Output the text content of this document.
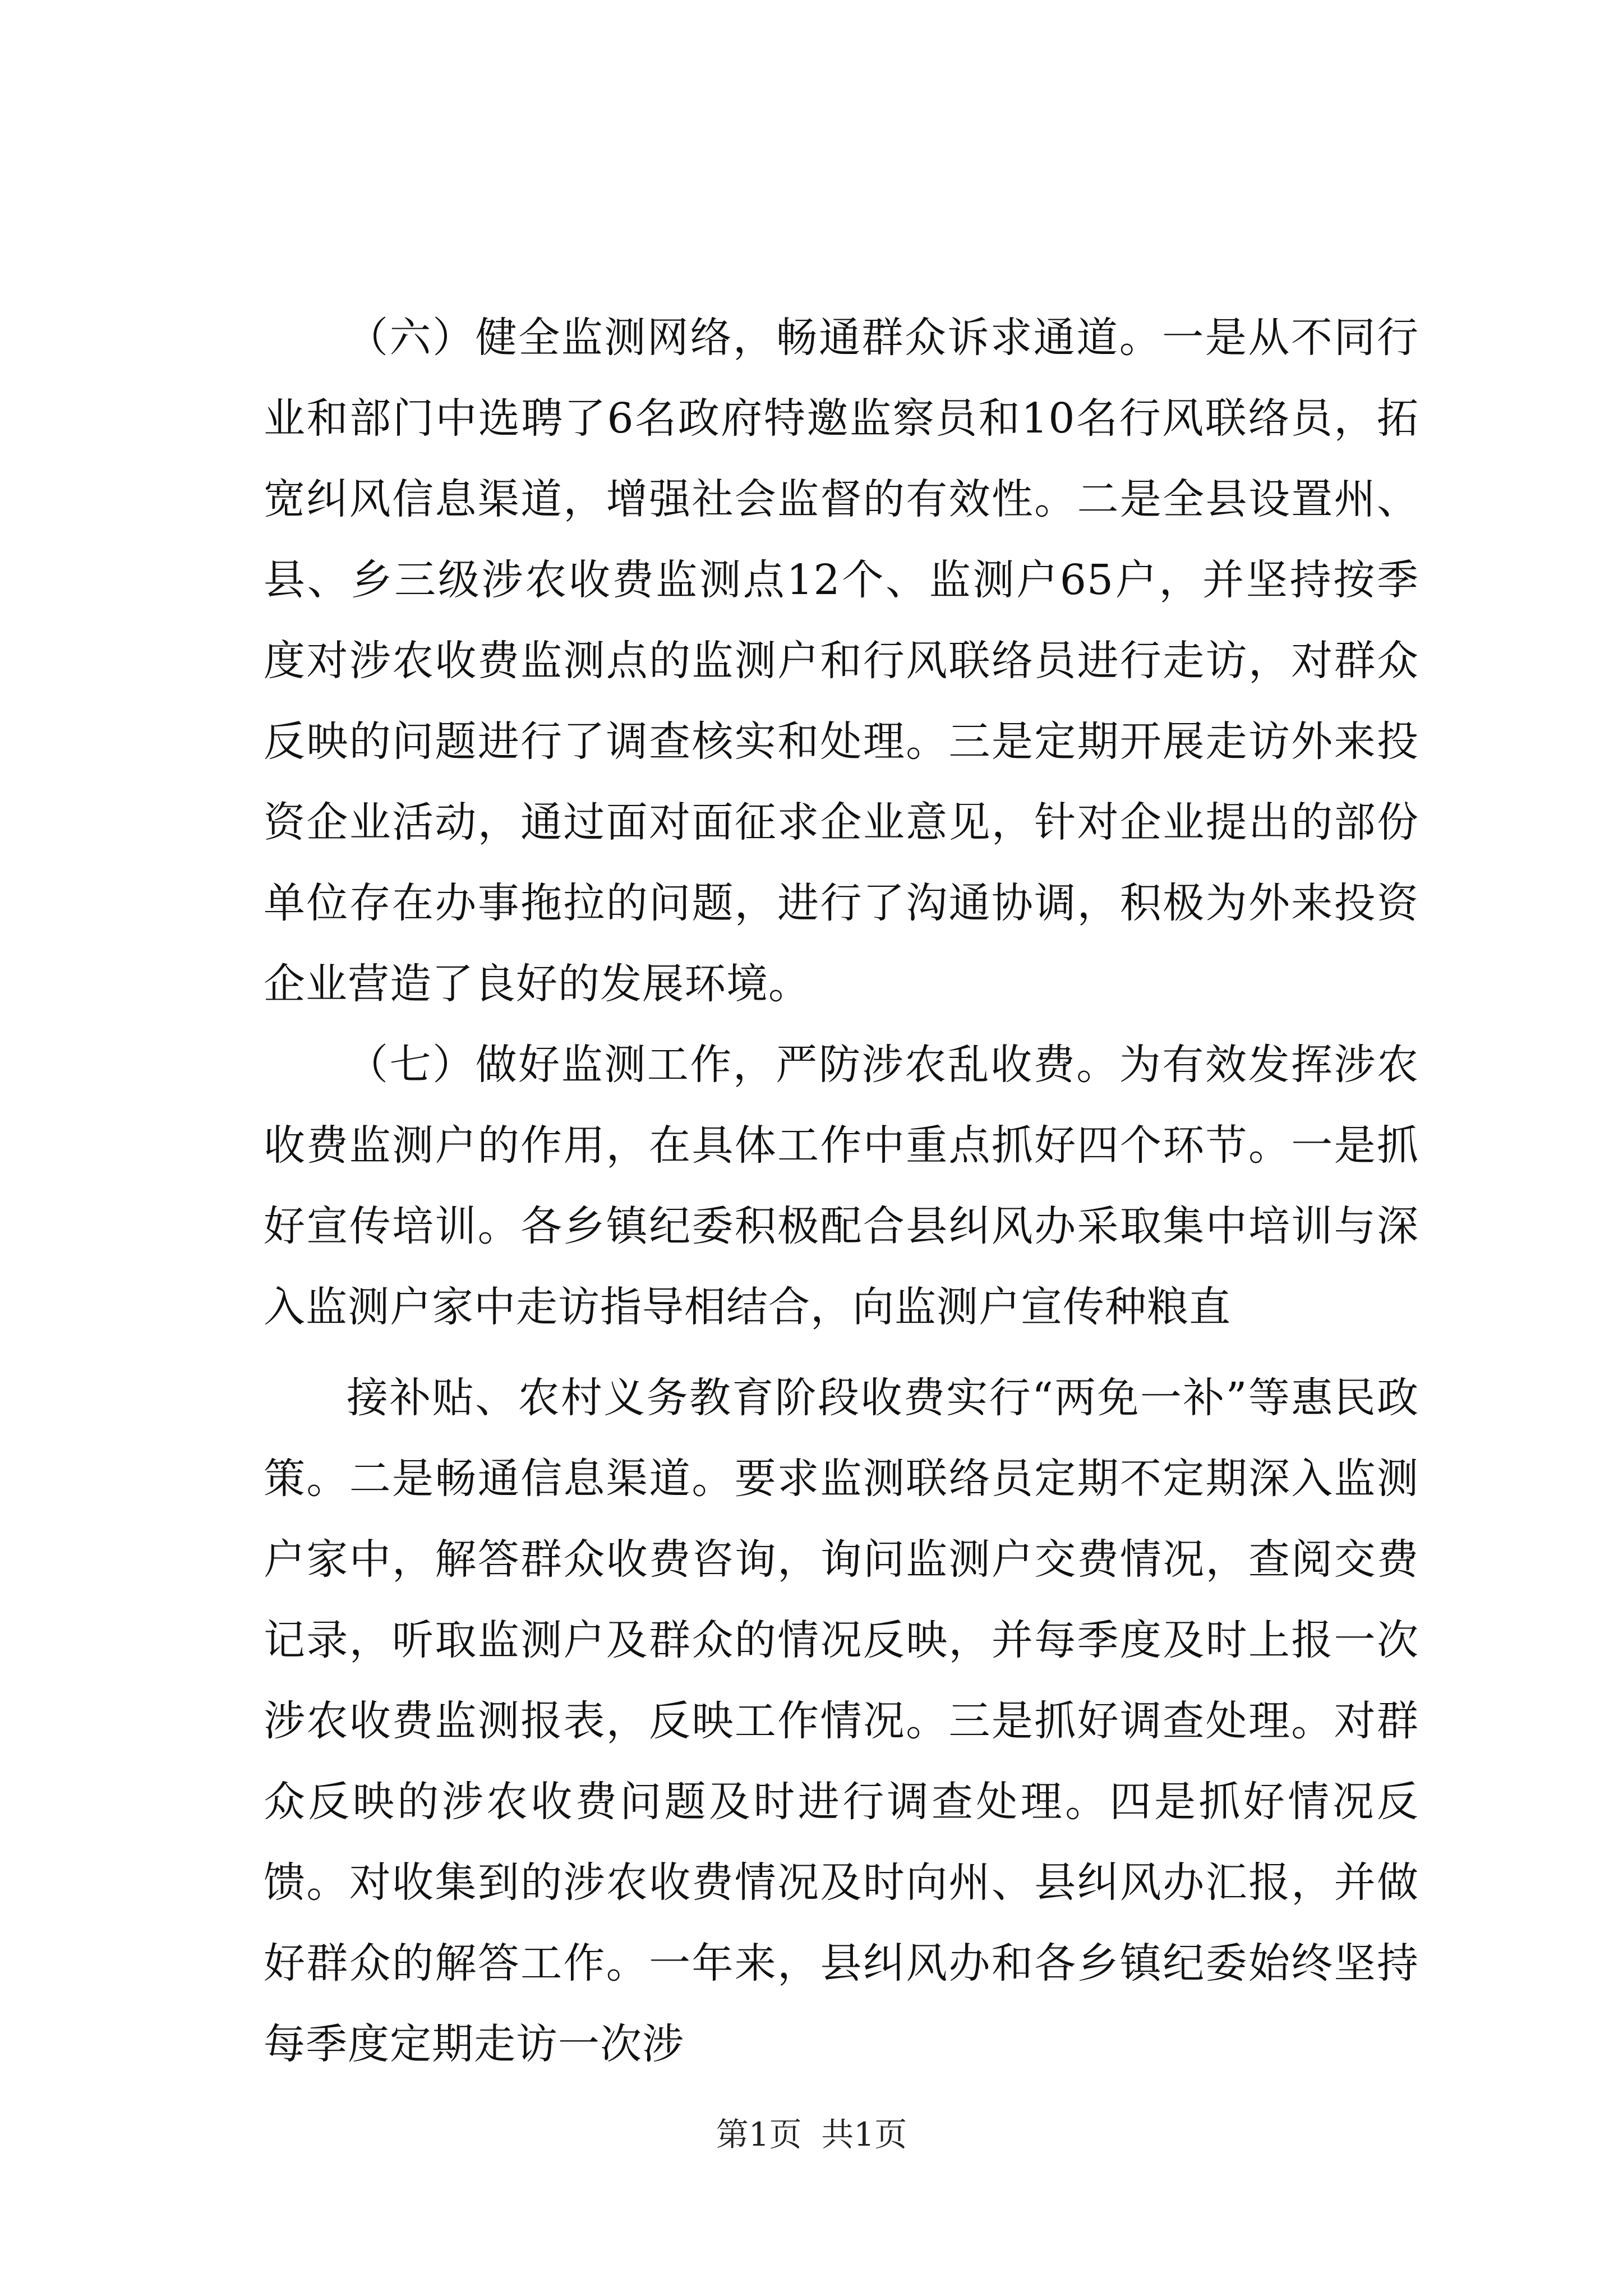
（六）健全监测网络，畅通群众诉求通道。一是从不同行业和部门中选聘了6名政府特邀监察员和10名行风联络员，拓宽纠风信息渠道，增强社会监督的有效性。二是全县设置州、县、乡三级涉农收费监测点12个、监测户65户，并坚持按季度对涉农收费监测点的监测户和行风联络员进行走访，对群众反映的问题进行了调查核实和处理。三是定期开展走访外来投资企业活动，通过面对面征求企业意见，针对企业提出的部份单位存在办事拖拉的问题，进行了沟通协调，积极为外来投资企业营造了良好的发展环境。

（七）做好监测工作，严防涉农乱收费。为有效发挥涉农收费监测户的作用，在具体工作中重点抓好四个环节。一是抓好宣传培训。各乡镇纪委积极配合县纠风办采取集中培训与深入监测户家中走访指导相结合，向监测户宣传种粮直

接补贴、农村义务教育阶段收费实行“两免一补”等惠民政策。二是畅通信息渠道。要求监测联络员定期不定期深入监测户家中，解答群众收费咨询，询问监测户交费情况，查阅交费记录，听取监测户及群众的情况反映，并每季度及时上报一次涉农收费监测报表，反映工作情况。三是抓好调查处理。对群众反映的涉农收费问题及时进行调查处理。四是抓好情况反馈。对收集到的涉农收费情况及时向州、县纠风办汇报，并做好群众的解答工作。一年来，县纠风办和各乡镇纪委始终坚持每季度定期走访一次涉

第1页 共1页
